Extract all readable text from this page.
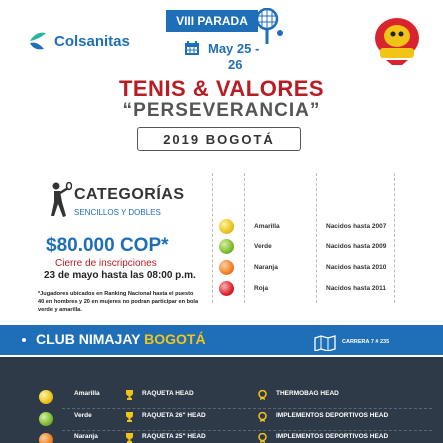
Colsanitas
VIII PARADA
May 25 -
26
TENIS & VALORES
“PERSEVERANCIA”
2019 BOGOTÁ
CATEGORÍAS
SENCILLOS Y DOBLES
$80.000 COP*
Cierre de inscripciones
23 de mayo hasta las 08:00 p.m.
*Jugadores ubicados en Ranking Nacional hasta el puesto 40 en hombres y 20 en mujeres no podran participar en bola verde y amarilla.
Amarilla	Nacidos hasta 2007
Verde	Nacidos hasta 2009
Naranja	Nacidos hasta 2010
Roja	Nacidos hasta 2011
CLUB NIMAJAY BOGOTÁ	CARRERA 7 # 235
Amarilla	RAQUETA HEAD	THERMOBAG HEAD
Verde	RAQUETA 26" HEAD	IMPLEMENTOS DEPORTIVOS HEAD
Naranja	RAQUETA 25" HEAD	IMPLEMENTOS DEPORTIVOS HEAD
